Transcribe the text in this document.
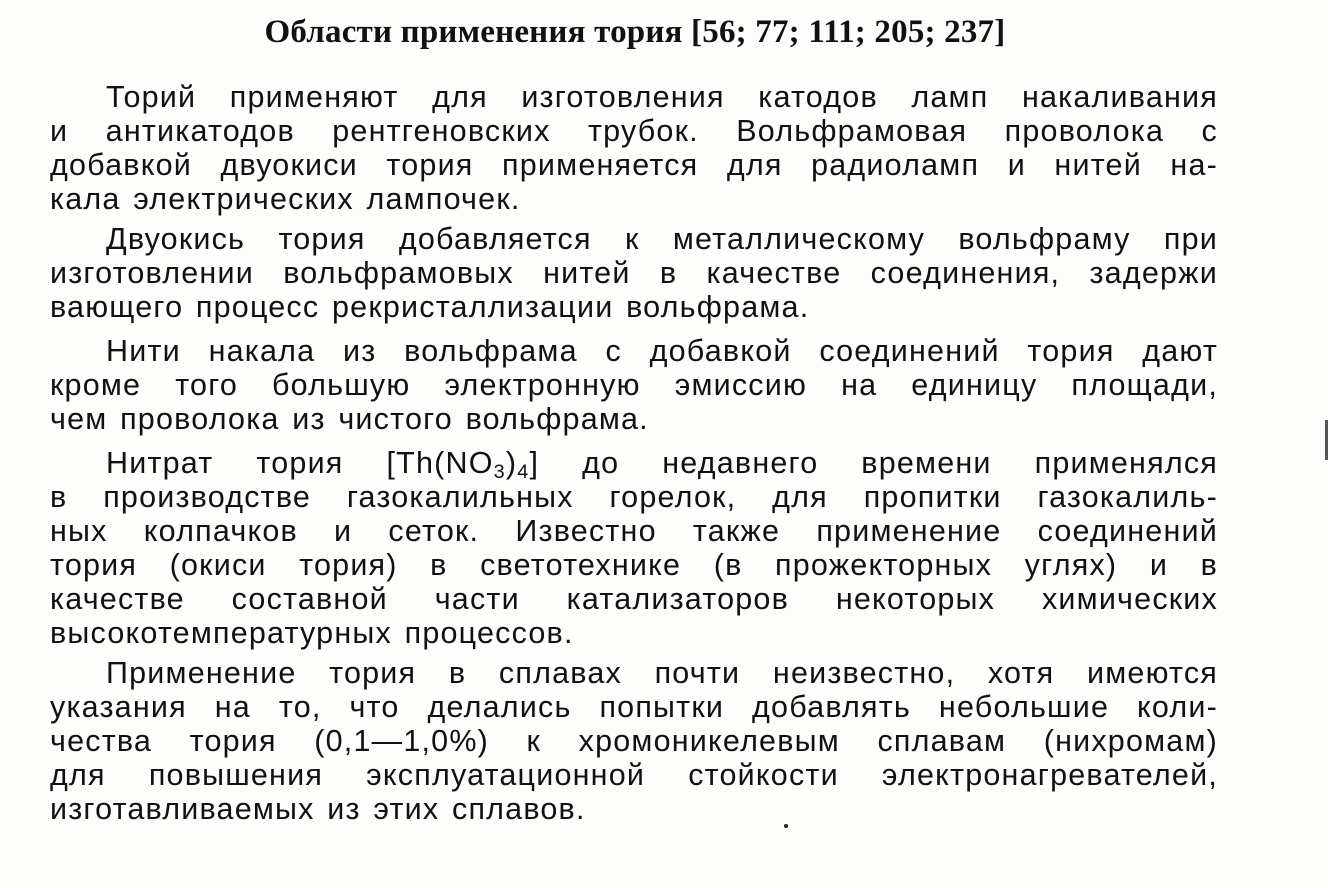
Области применения тория [56; 77; 111; 205; 237]
Торий применяют для изготовления катодов ламп накаливания
и антикатодов рентгеновских трубок. Вольфрамовая проволока с
добавкой двуокиси тория применяется для радиоламп и нитей на-
кала электрических лампочек.
Двуокись тория добавляется к металлическому вольфраму при
изготовлении вольфрамовых нитей в качестве соединения, задержи
вающего процесс рекристаллизации вольфрама.
Нити накала из вольфрама с добавкой соединений тория дают
кроме того большую электронную эмиссию на единицу площади,
чем проволока из чистого вольфрама.
Нитрат тория [Th(NO3)4] до недавнего времени применялся
в производстве газокалильных горелок, для пропитки газокалиль-
ных колпачков и сеток. Известно также применение соединений
тория (окиси тория) в светотехнике (в прожекторных углях) и в
качестве составной части катализаторов некоторых химических
высокотемпературных процессов.
Применение тория в сплавах почти неизвестно, хотя имеются
указания на то, что делались попытки добавлять небольшие коли-
чества тория (0,1—1,0%) к хромоникелевым сплавам (нихромам)
для повышения эксплуатационной стойкости электронагревателей,
изготавливаемых из этих сплавов.
